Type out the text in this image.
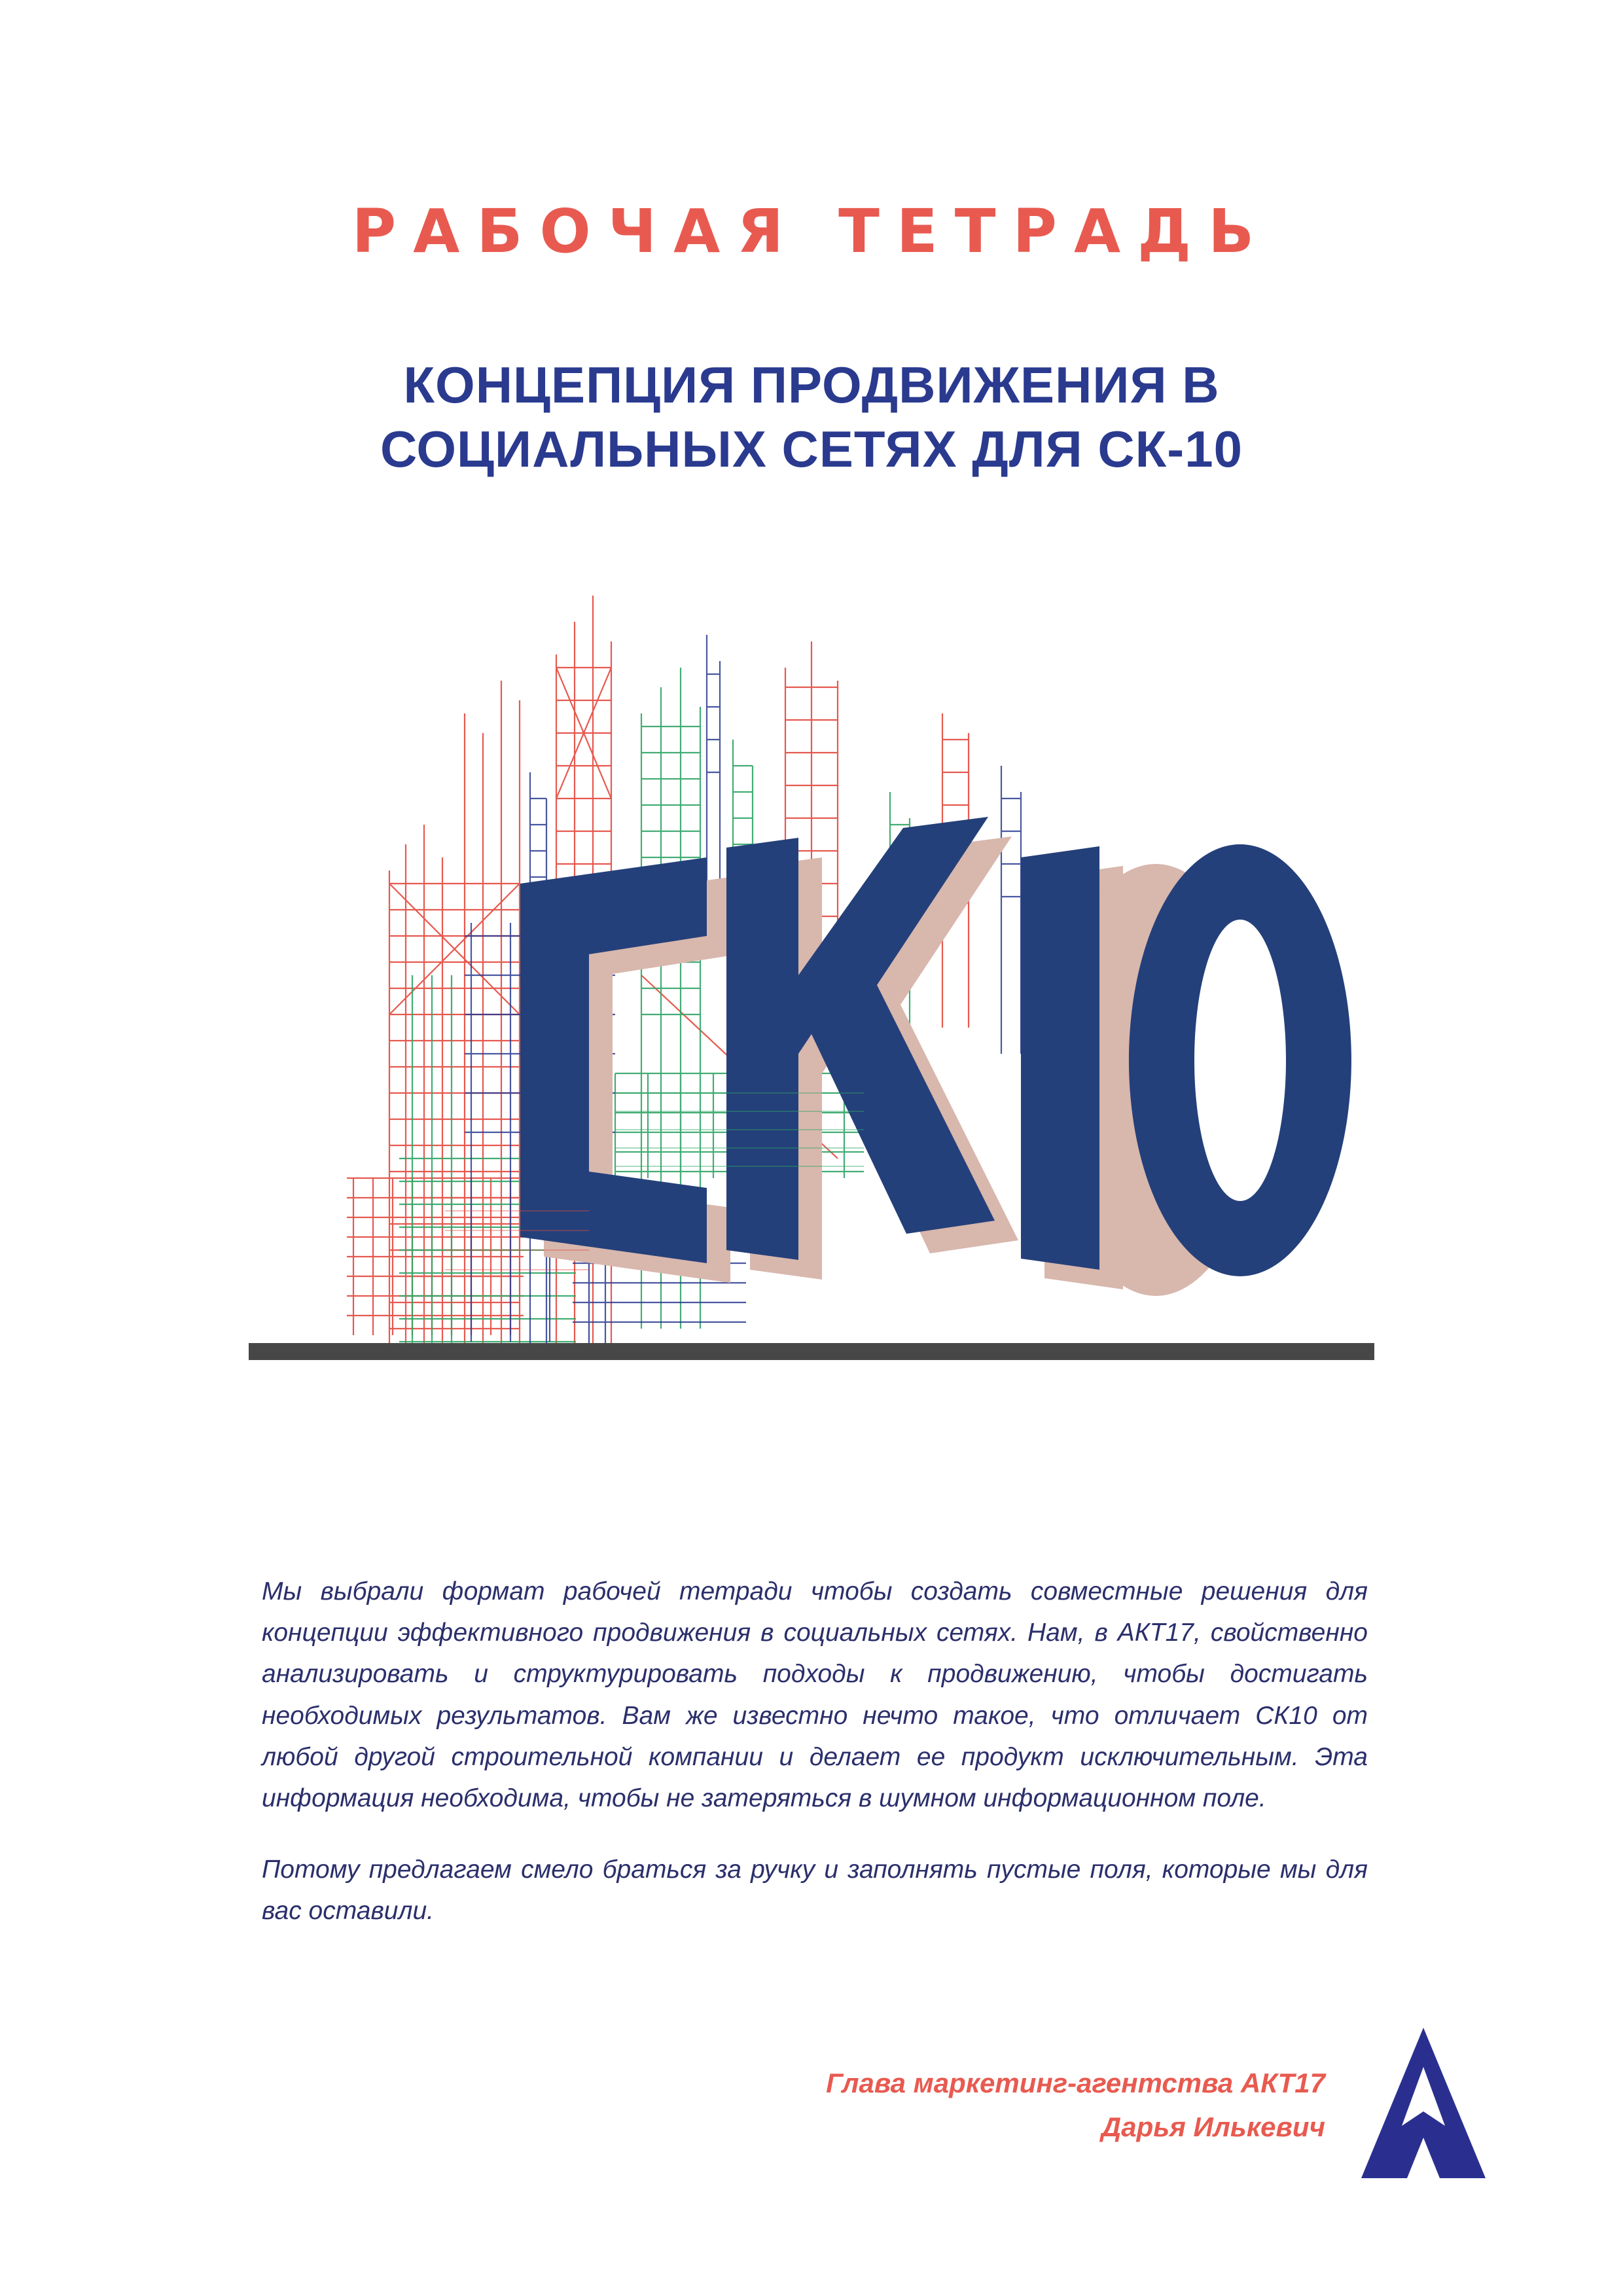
РАБОЧАЯ ТЕТРАДЬ
КОНЦЕПЦИЯ ПРОДВИЖЕНИЯ В
СОЦИАЛЬНЫХ СЕТЯХ ДЛЯ СК-10

Мы выбрали формат рабочей тетради чтобы создать совместные решения для концепции эффективного продвижения в социальных сетях. Нам, в АКТ17, свойственно анализировать и структурировать подходы к продвижению, чтобы достигать необходимых результатов. Вам же известно нечто такое, что отличает СК10 от любой другой строительной компании и делает ее продукт исключительным. Эта информация необходима, чтобы не затеряться в шумном информационном поле.

Потому предлагаем смело браться за ручку и заполнять пустые поля, которые мы для вас оставили.

Глава маркетинг-агентства АКТ17
Дарья Илькевич
